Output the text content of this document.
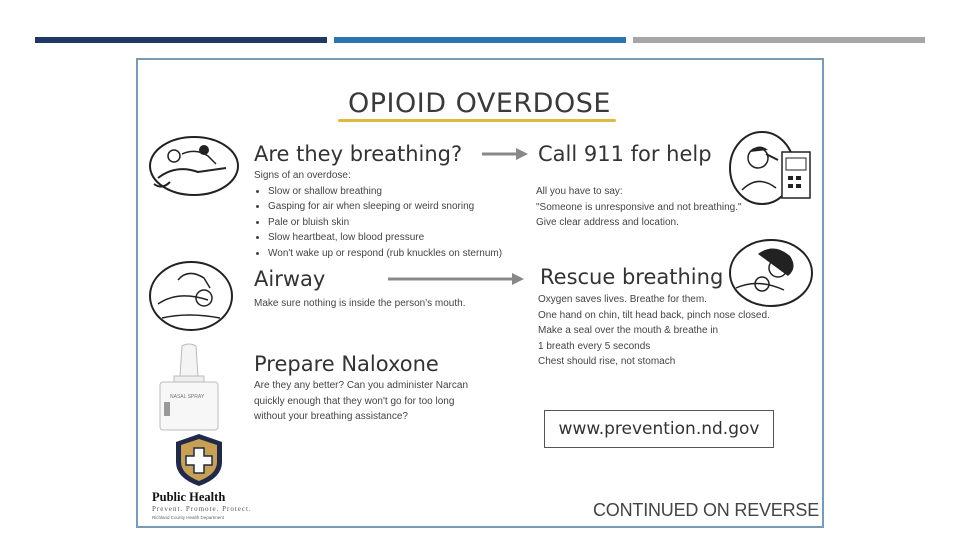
OPIOID OVERDOSE
Are they breathing?

Signs of an overdose:

• Slow or shallow breathing
• Gasping for air when sleeping or weird snoring
• Pale or bluish skin
• Slow heartbeat, low blood pressure
• Won't wake up or respond (rub knuckles on sternum)
Call 911 for help

All you have to say:

"Someone is unresponsive and not breathing."

Give clear address and location.

Airway
Make sure nothing is inside the person's mouth.
Rescue breathing

Oxygen saves lives. Breathe for them.

One hand on chin, tilt head back, pinch nose closed.

Make a seal over the mouth & breathe in

1 breath every 5 seconds

Chest should rise, not stomach

NASAL SPRAY
Prepare Naloxone

Are they any better? Can you administer Narcan

quickly enough that they won't go for too long

without your breathing assistance?

www.prevention.nd.gov
Public Health
Prevent. Promote. Protect.
Richland County Health Department	CONTINUED ON REVERSE
